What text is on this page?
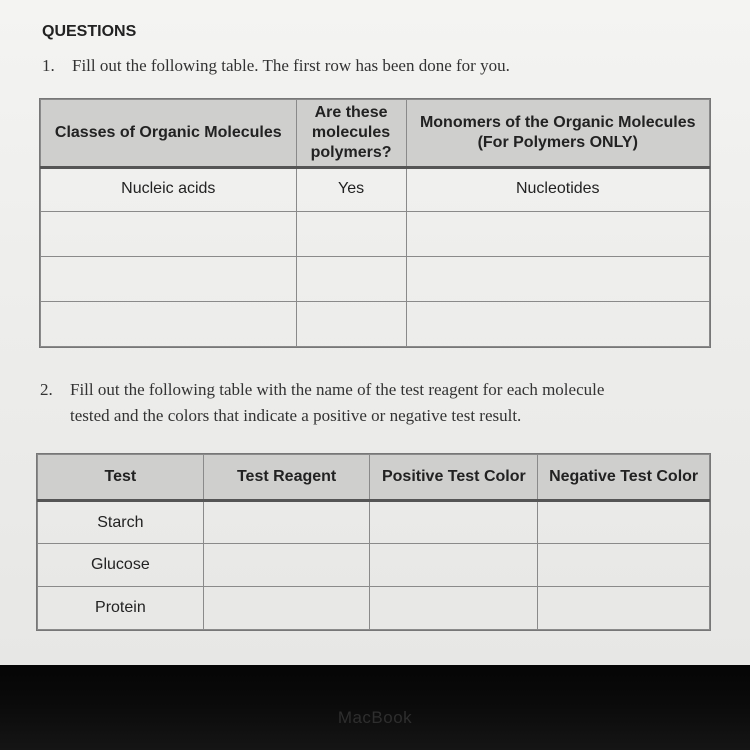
QUESTIONS
1. Fill out the following table. The first row has been done for you.
Classes of Organic Molecules	Are these molecules polymers?	Monomers of the Organic Molecules (For Polymers ONLY)
Nucleic acids	Yes	Nucleotides

2. Fill out the following table with the name of the test reagent for each molecule
tested and the colors that indicate a positive or negative test result.
Test	Test Reagent	Positive Test Color	Negative Test Color
Starch			
Glucose			
Protein			
MacBook
